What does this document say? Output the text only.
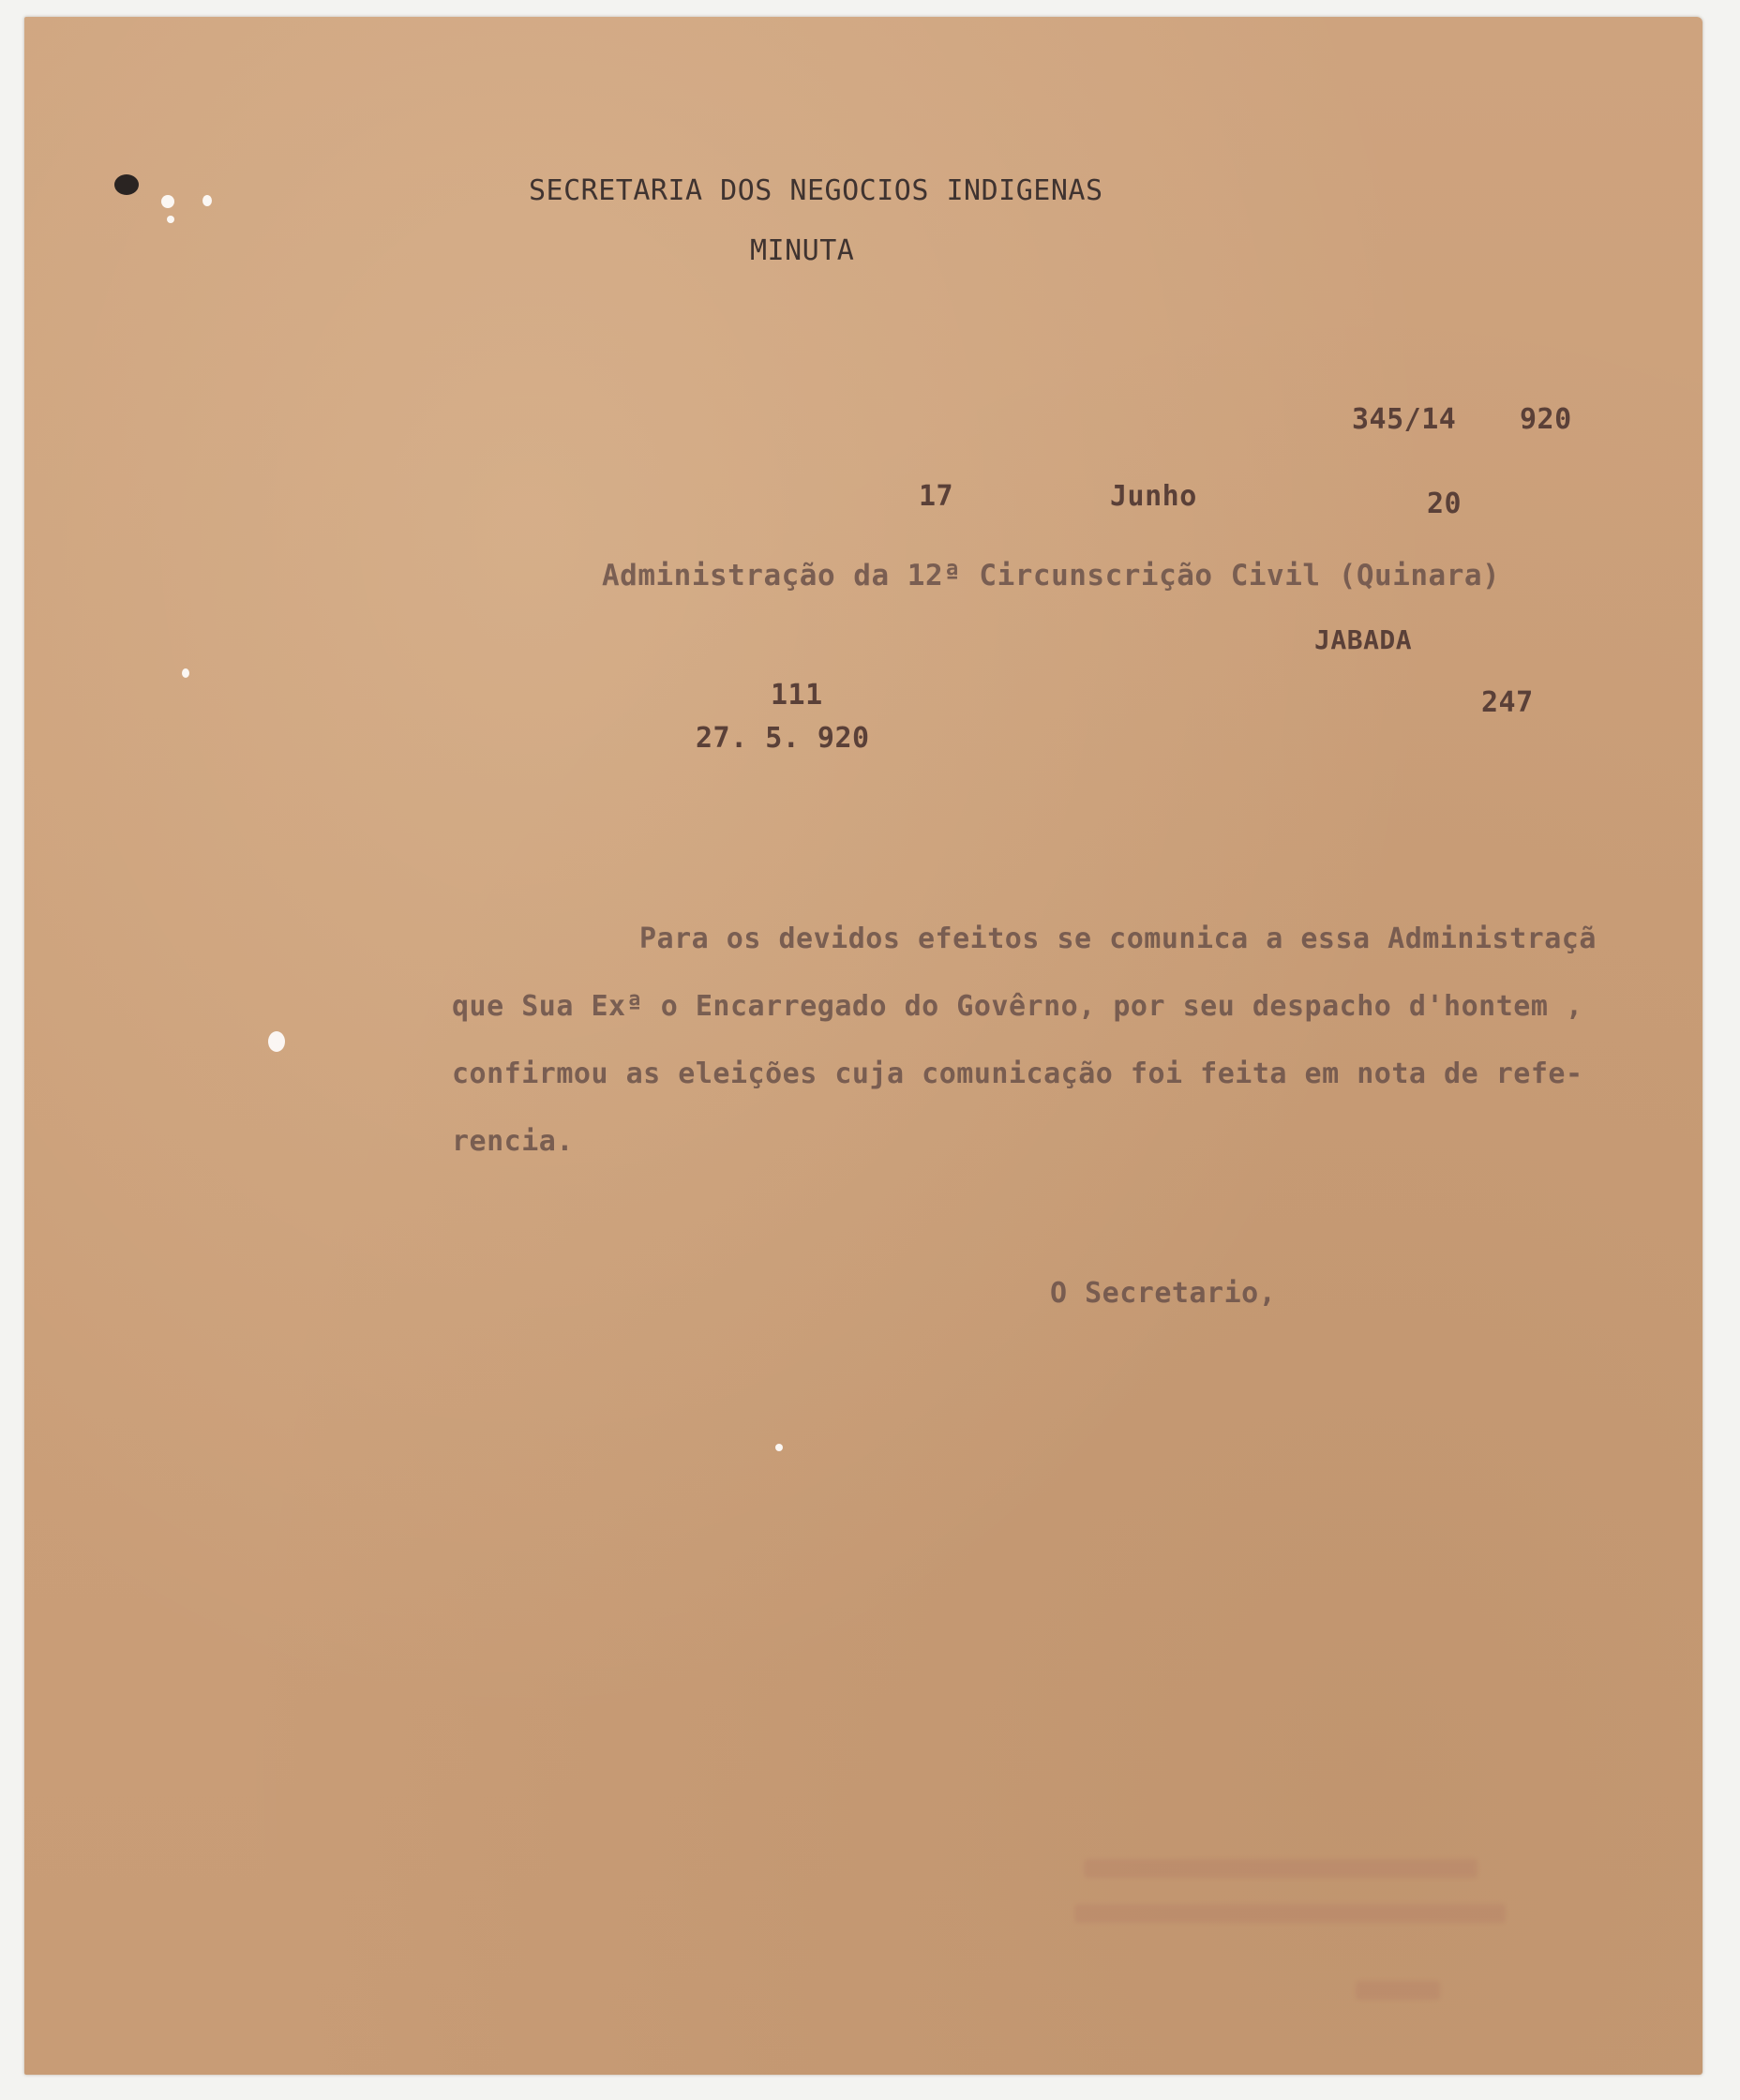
SECRETARIA DOS NEGOCIOS INDIGENAS
MINUTA
345/14 920
17	Junho	20
Administração da 12ª Circunscrição Civil (Quinara)
JABADA
111
27. 5. 920
247
Para os devidos efeitos se comunica a essa Administraçã
que Sua Exª o Encarregado do Govêrno, por seu despacho d'hontem ,
confirmou as eleições cuja comunicação foi feita em nota de refe-
rencia.
O Secretario,
